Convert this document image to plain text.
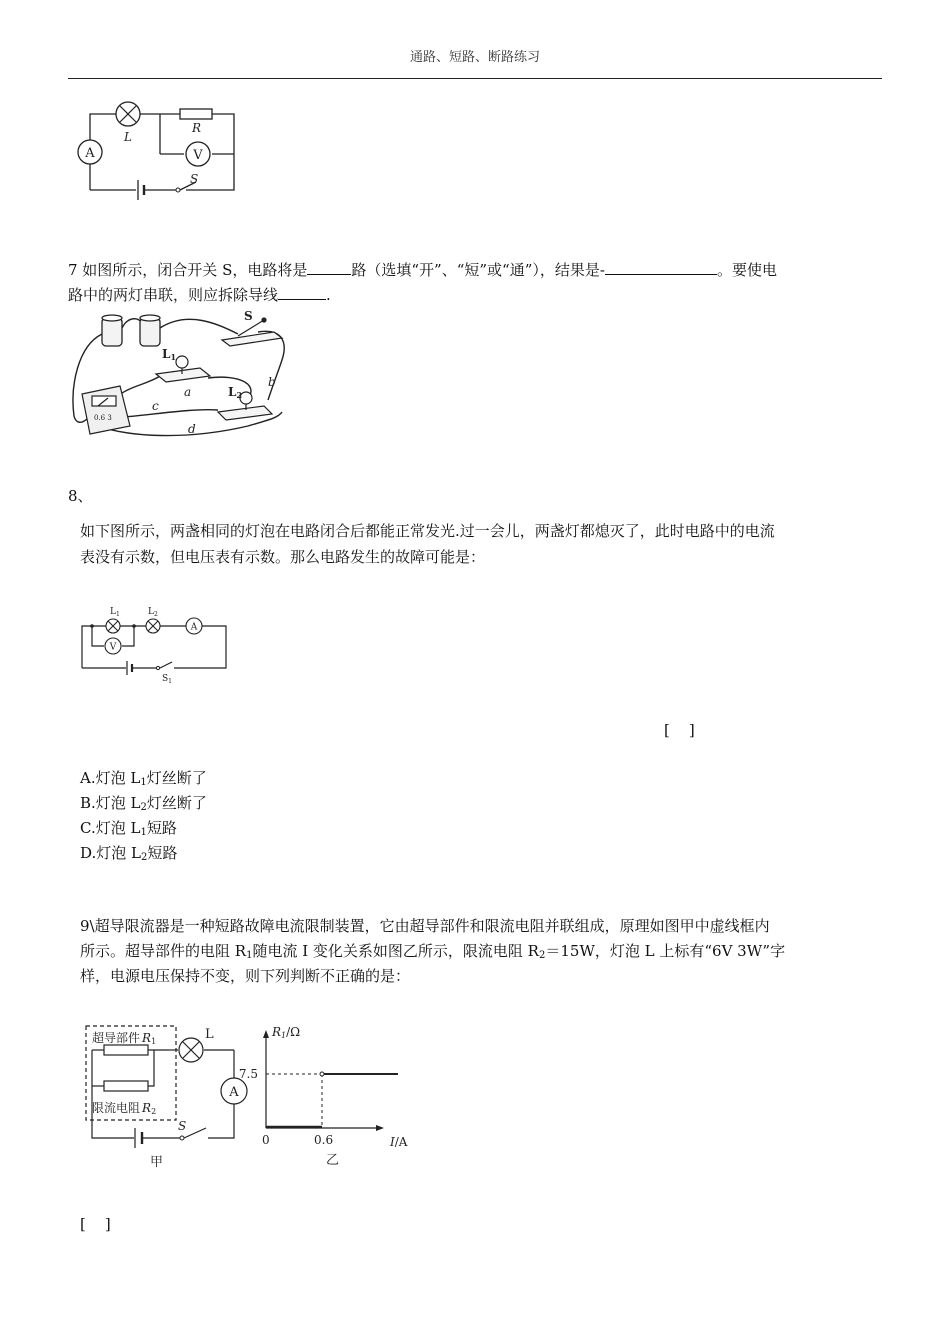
通路、短路、断路练习
A	V
L
R
S
7 如图所示，闭合开关 S，电路将是	路（选填“开”、“短”或“通”），结果是-	。要使电
路中的两灯串联，则应拆除导线	.
0.6 3
S
L1
L2
a
b
c
d
8、
如下图所示，两盏相同的灯泡在电路闭合后都能正常发光.过一会儿，两盏灯都熄灭了，此时电路中的电流
表没有示数，但电压表有示数。那么电路发生的故障可能是：
A
V
$L_1$	$L_2$
$S_1$
[    ]
A.灯泡 $L_1$灯丝断了
B.灯泡 $L_2$灯丝断了
C.灯泡 $L_1$短路
D.灯泡 $L_2$短路
9\超导限流器是一种短路故障电流限制装置，它由超导部件和限流电阻并联组成，原理如图甲中虚线框内
所示。超导部件的电阻 $R_1$随电流 I 变化关系如图乙所示，限流电阻 $R_2=15W$，灯泡 L 上标有“6V 3W”字
样，电源电压保持不变，则下列判断不正确的是：
A
超导部件 R1
限流电阻 R2
L
S
甲
R1/Ω
7.5
0	0.6	I/A
乙
[    ]
